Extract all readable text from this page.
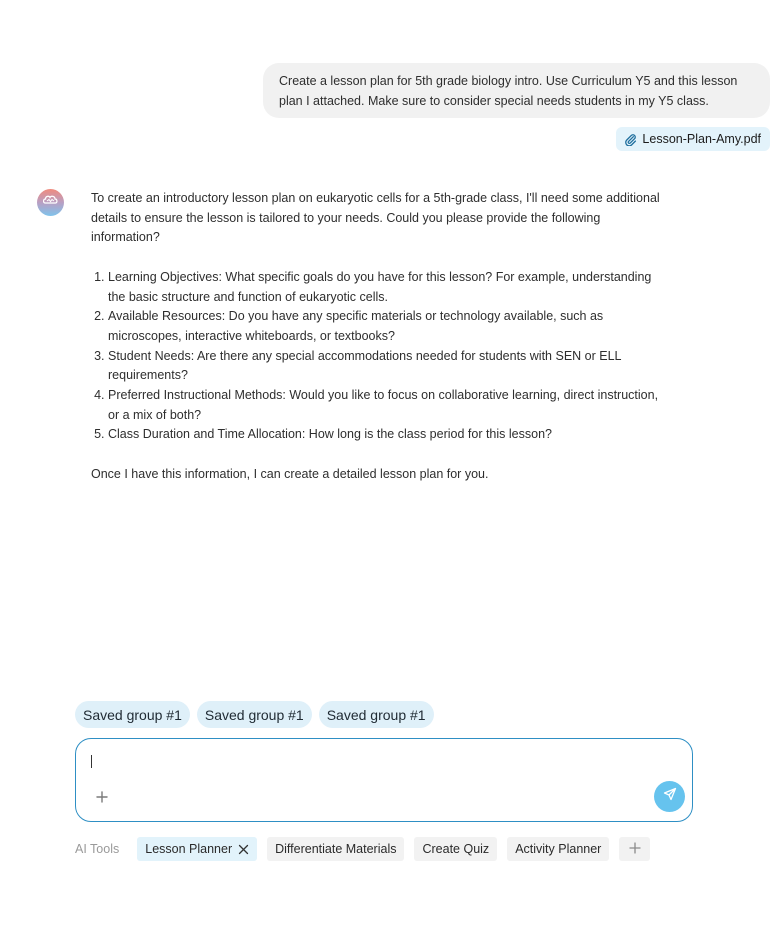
Create a lesson plan for 5th grade biology intro. Use Curriculum Y5 and this lesson

plan I attached. Make sure to consider special needs students in my Y5 class.

Lesson-Plan-Amy.pdf

To create an introductory lesson plan on eukaryotic cells for a 5th-grade class, I'll need some additional details to ensure the lesson is tailored to your needs. Could you please provide the following information?

1. Learning Objectives: What specific goals do you have for this lesson? For example, understanding the basic structure and function of eukaryotic cells.
2. Available Resources: Do you have any specific materials or technology available, such as microscopes, interactive whiteboards, or textbooks?
3. Student Needs: Are there any special accommodations needed for students with SEN or ELL requirements?
4. Preferred Instructional Methods: Would you like to focus on collaborative learning, direct instruction, or a mix of both?
5. Class Duration and Time Allocation: How long is the class period for this lesson?

Once I have this information, I can create a detailed lesson plan for you.

Saved group #1	Saved group #1	Saved group #1
AI Tools Lesson Planner	Differentiate Materials Create Quiz Activity Planner
